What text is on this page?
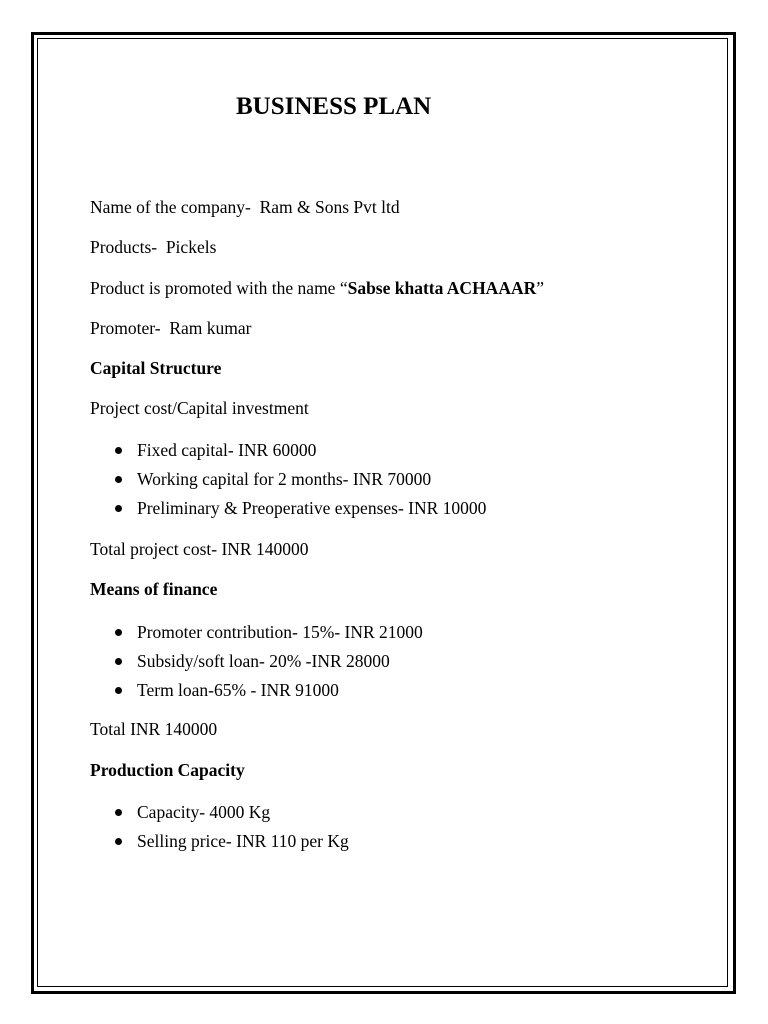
BUSINESS PLAN
Name of the company- Ram & Sons Pvt ltd
Products- Pickels
Product is promoted with the name “Sabse khatta ACHAAAR”
Promoter- Ram kumar
Capital Structure
Project cost/Capital investment
Fixed capital- INR 60000
Working capital for 2 months- INR 70000
Preliminary & Preoperative expenses- INR 10000
Total project cost- INR 140000
Means of finance
Promoter contribution- 15%- INR 21000
Subsidy/soft loan- 20% -INR 28000
Term loan-65% - INR 91000
Total INR 140000
Production Capacity
Capacity- 4000 Kg
Selling price- INR 110 per Kg
